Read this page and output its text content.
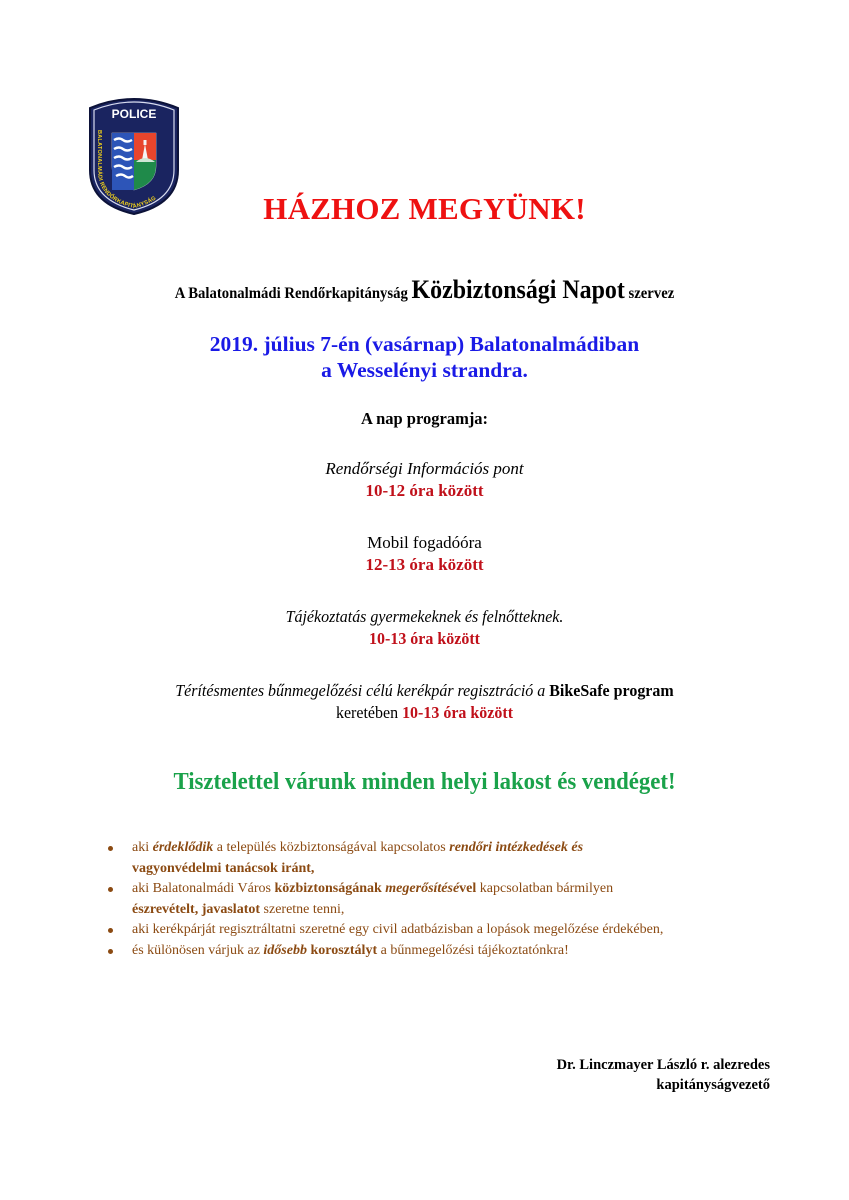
POLICE
BALATONALMÁDI RENDŐRKAPITÁNYSÁG	HÁZHOZ MEGYÜNK!
A Balatonalmádi Rendőrkapitányság Közbiztonsági Napot szervez
2019. július 7-én (vasárnap) Balatonalmádiban
a Wesselényi strandra.
A nap programja:
Rendőrségi Információs pont
10-12 óra között
Mobil fogadóóra
12-13 óra között
Tájékoztatás gyermekeknek és felnőtteknek.
10-13 óra között
Térítésmentes bűnmegelőzési célú kerékpár regisztráció a BikeSafe program
keretében 10-13 óra között
Tisztelettel várunk minden helyi lakost és vendéget!
aki érdeklődik a település közbiztonságával kapcsolatos rendőri intézkedések és
vagyonvédelmi tanácsok iránt,
aki Balatonalmádi Város közbiztonságának megerősítésével kapcsolatban bármilyen
észrevételt, javaslatot szeretne tenni,
aki kerékpárját regisztráltatni szeretné egy civil adatbázisban a lopások megelőzése érdekében,
és különösen várjuk az idősebb korosztályt a bűnmegelőzési tájékoztatónkra!
Dr. Linczmayer László r. alezredes
kapitányságvezető
